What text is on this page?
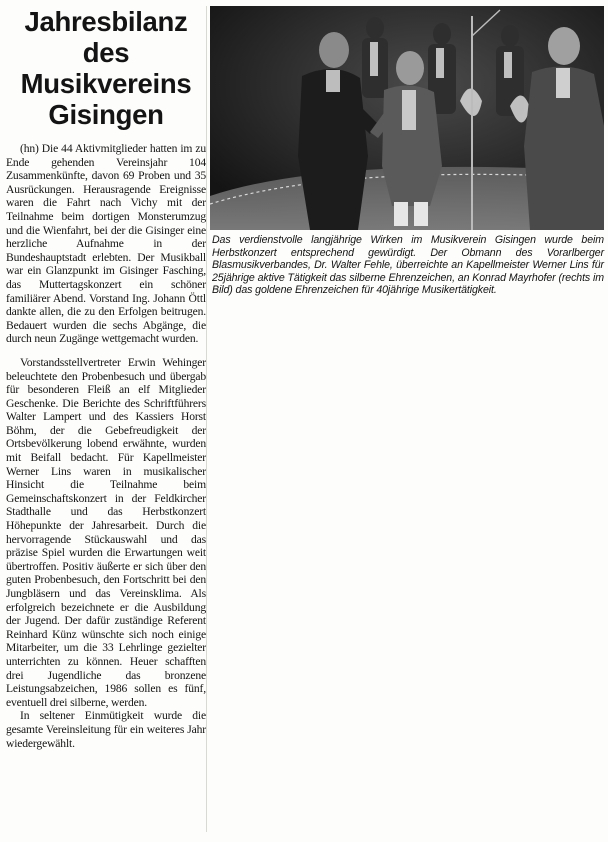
Jahresbilanz
des
Musikvereins
Gisingen

(hn) Die 44 Aktivmitglieder hatten im zu Ende gehenden Vereinsjahr 104 Zusammenkünfte, davon 69 Proben und 35 Ausrückungen. Herausragende Ereignisse waren die Fahrt nach Vichy mit der Teilnahme beim dortigen Monsterumzug und die Wienfahrt, bei der die Gisinger eine herzliche Aufnahme in der Bundeshauptstadt erlebten. Der Musikball war ein Glanzpunkt im Gisinger Fasching, das Muttertagskonzert ein schöner familiärer Abend. Vorstand Ing. Johann Öttl dankte allen, die zu den Erfolgen beitrugen. Bedauert wurden die sechs Abgänge, die durch neun Zugänge wettgemacht wurden.

Vorstandsstellvertreter Erwin Wehinger beleuchtete den Probenbesuch und übergab für besonderen Fleiß an elf Mitglieder Geschenke. Die Berichte des Schriftführers Walter Lampert und des Kassiers Horst Böhm, der die Gebefreudigkeit der Ortsbevölkerung lobend erwähnte, wurden mit Beifall bedacht. Für Kapellmeister Werner Lins waren in musikalischer Hinsicht die Teilnahme beim Gemeinschaftskonzert in der Feldkircher Stadthalle und das Herbstkonzert Höhepunkte der Jahresarbeit. Durch die hervorragende Stückauswahl und das präzise Spiel wurden die Erwartungen weit übertroffen. Positiv äußerte er sich über den guten Probenbesuch, den Fortschritt bei den Jungbläsern und das Vereinsklima. Als erfolgreich bezeichnete er die Ausbildung der Jugend. Der dafür zuständige Referent Reinhard Künz wünschte sich noch einige Mitarbeiter, um die 33 Lehrlinge gezielter unterrichten zu können. Heuer schafften drei Jugendliche das bronzene Leistungsabzeichen, 1986 sollen es fünf, eventuell drei silberne, werden.

In seltener Einmütigkeit wurde die gesamte Vereinsleitung für ein weiteres Jahr wiedergewählt.

Das verdienstvolle langjährige Wirken im Musikverein Gisingen wurde beim Herbstkonzert entsprechend gewürdigt. Der Obmann des Vorarlberger Blasmusikverbandes, Dr. Walter Fehle, überreichte an Kapellmeister Werner Lins für 25jährige aktive Tätigkeit das silberne Ehrenzeichen, an Konrad Mayrhofer (rechts im Bild) das goldene Ehrenzeichen für 40jährige Musikertätigkeit.
